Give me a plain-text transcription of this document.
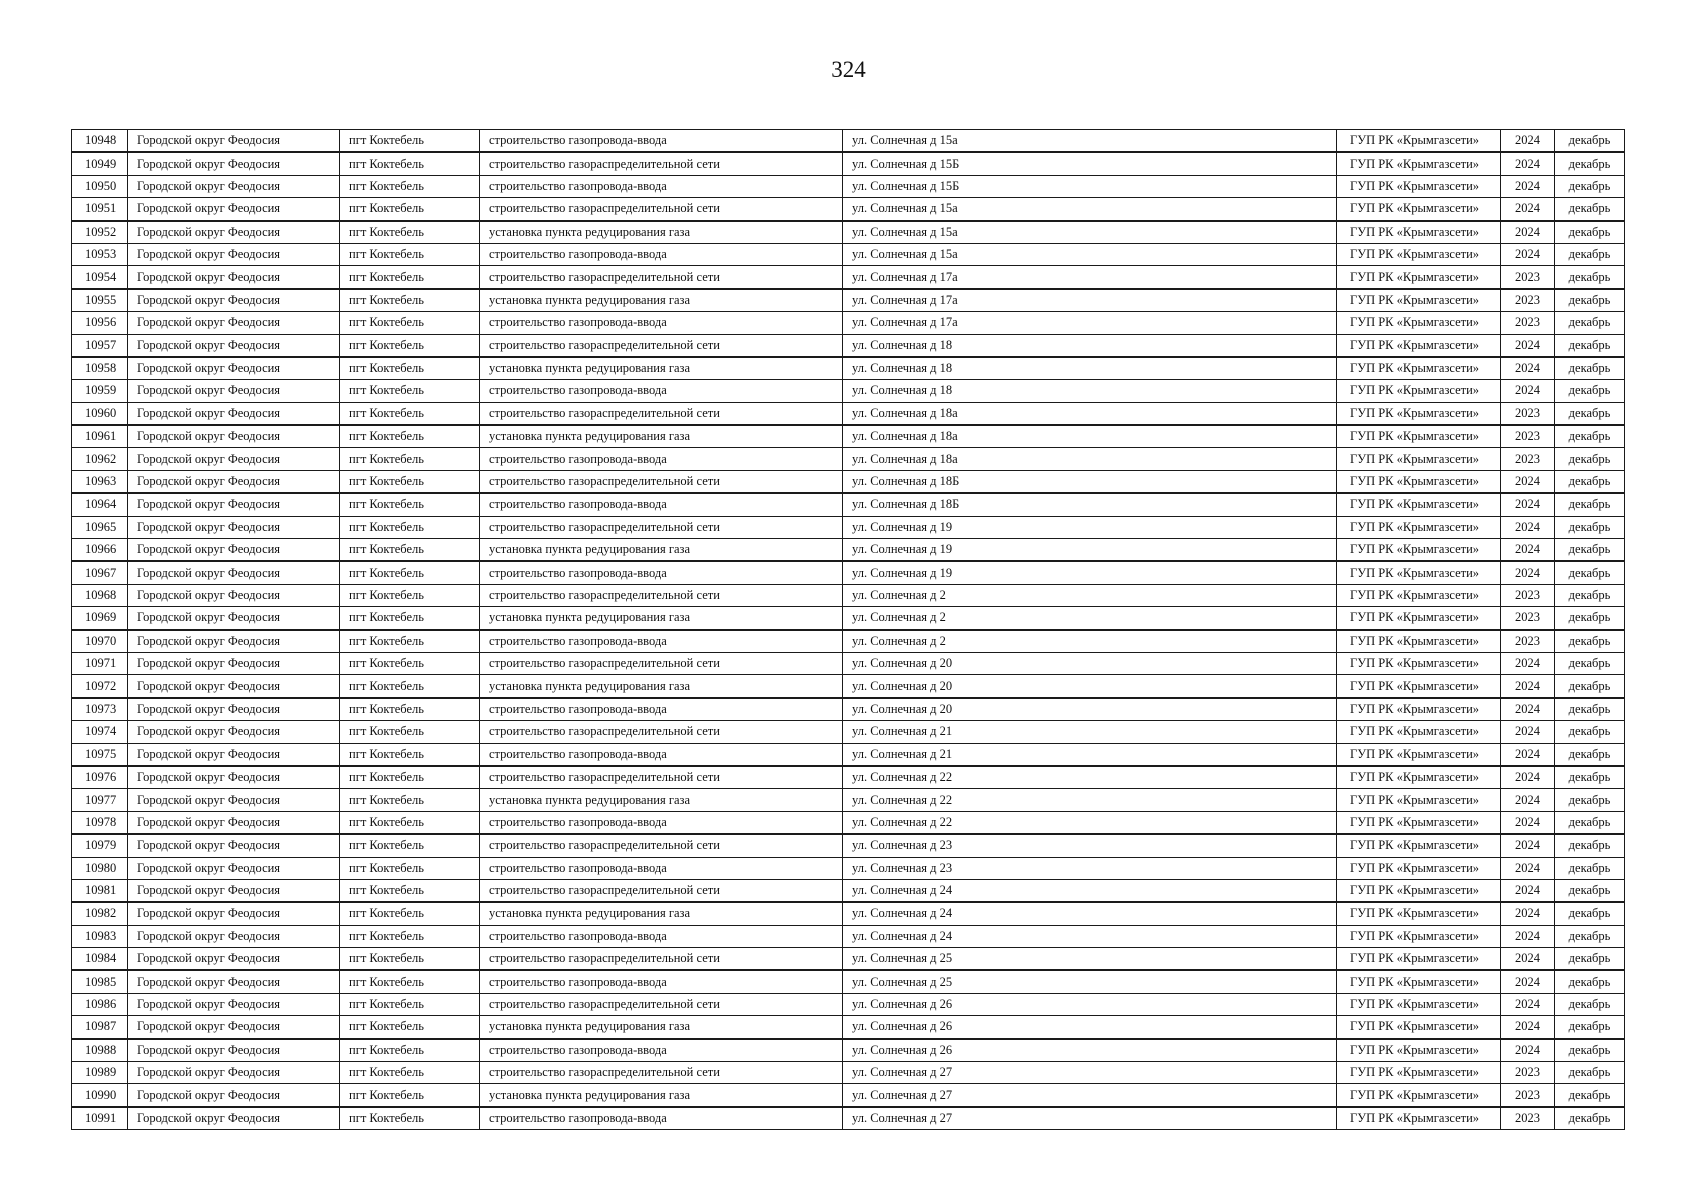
324
10948	Городской округ Феодосия	пгт Коктебель	строительство газопровода-ввода	ул. Солнечная д 15а	ГУП РК «Крымгазсети»	2024	декабрь
10949	Городской округ Феодосия	пгт Коктебель	строительство газораспределительной сети	ул. Солнечная д 15Б	ГУП РК «Крымгазсети»	2024	декабрь
10950	Городской округ Феодосия	пгт Коктебель	строительство газопровода-ввода	ул. Солнечная д 15Б	ГУП РК «Крымгазсети»	2024	декабрь
10951	Городской округ Феодосия	пгт Коктебель	строительство газораспределительной сети	ул. Солнечная д 15а	ГУП РК «Крымгазсети»	2024	декабрь
10952	Городской округ Феодосия	пгт Коктебель	установка пункта редуцирования газа	ул. Солнечная д 15а	ГУП РК «Крымгазсети»	2024	декабрь
10953	Городской округ Феодосия	пгт Коктебель	строительство газопровода-ввода	ул. Солнечная д 15а	ГУП РК «Крымгазсети»	2024	декабрь
10954	Городской округ Феодосия	пгт Коктебель	строительство газораспределительной сети	ул. Солнечная д 17а	ГУП РК «Крымгазсети»	2023	декабрь
10955	Городской округ Феодосия	пгт Коктебель	установка пункта редуцирования газа	ул. Солнечная д 17а	ГУП РК «Крымгазсети»	2023	декабрь
10956	Городской округ Феодосия	пгт Коктебель	строительство газопровода-ввода	ул. Солнечная д 17а	ГУП РК «Крымгазсети»	2023	декабрь
10957	Городской округ Феодосия	пгт Коктебель	строительство газораспределительной сети	ул. Солнечная д 18	ГУП РК «Крымгазсети»	2024	декабрь
10958	Городской округ Феодосия	пгт Коктебель	установка пункта редуцирования газа	ул. Солнечная д 18	ГУП РК «Крымгазсети»	2024	декабрь
10959	Городской округ Феодосия	пгт Коктебель	строительство газопровода-ввода	ул. Солнечная д 18	ГУП РК «Крымгазсети»	2024	декабрь
10960	Городской округ Феодосия	пгт Коктебель	строительство газораспределительной сети	ул. Солнечная д 18а	ГУП РК «Крымгазсети»	2023	декабрь
10961	Городской округ Феодосия	пгт Коктебель	установка пункта редуцирования газа	ул. Солнечная д 18а	ГУП РК «Крымгазсети»	2023	декабрь
10962	Городской округ Феодосия	пгт Коктебель	строительство газопровода-ввода	ул. Солнечная д 18а	ГУП РК «Крымгазсети»	2023	декабрь
10963	Городской округ Феодосия	пгт Коктебель	строительство газораспределительной сети	ул. Солнечная д 18Б	ГУП РК «Крымгазсети»	2024	декабрь
10964	Городской округ Феодосия	пгт Коктебель	строительство газопровода-ввода	ул. Солнечная д 18Б	ГУП РК «Крымгазсети»	2024	декабрь
10965	Городской округ Феодосия	пгт Коктебель	строительство газораспределительной сети	ул. Солнечная д 19	ГУП РК «Крымгазсети»	2024	декабрь
10966	Городской округ Феодосия	пгт Коктебель	установка пункта редуцирования газа	ул. Солнечная д 19	ГУП РК «Крымгазсети»	2024	декабрь
10967	Городской округ Феодосия	пгт Коктебель	строительство газопровода-ввода	ул. Солнечная д 19	ГУП РК «Крымгазсети»	2024	декабрь
10968	Городской округ Феодосия	пгт Коктебель	строительство газораспределительной сети	ул. Солнечная д 2	ГУП РК «Крымгазсети»	2023	декабрь
10969	Городской округ Феодосия	пгт Коктебель	установка пункта редуцирования газа	ул. Солнечная д 2	ГУП РК «Крымгазсети»	2023	декабрь
10970	Городской округ Феодосия	пгт Коктебель	строительство газопровода-ввода	ул. Солнечная д 2	ГУП РК «Крымгазсети»	2023	декабрь
10971	Городской округ Феодосия	пгт Коктебель	строительство газораспределительной сети	ул. Солнечная д 20	ГУП РК «Крымгазсети»	2024	декабрь
10972	Городской округ Феодосия	пгт Коктебель	установка пункта редуцирования газа	ул. Солнечная д 20	ГУП РК «Крымгазсети»	2024	декабрь
10973	Городской округ Феодосия	пгт Коктебель	строительство газопровода-ввода	ул. Солнечная д 20	ГУП РК «Крымгазсети»	2024	декабрь
10974	Городской округ Феодосия	пгт Коктебель	строительство газораспределительной сети	ул. Солнечная д 21	ГУП РК «Крымгазсети»	2024	декабрь
10975	Городской округ Феодосия	пгт Коктебель	строительство газопровода-ввода	ул. Солнечная д 21	ГУП РК «Крымгазсети»	2024	декабрь
10976	Городской округ Феодосия	пгт Коктебель	строительство газораспределительной сети	ул. Солнечная д 22	ГУП РК «Крымгазсети»	2024	декабрь
10977	Городской округ Феодосия	пгт Коктебель	установка пункта редуцирования газа	ул. Солнечная д 22	ГУП РК «Крымгазсети»	2024	декабрь
10978	Городской округ Феодосия	пгт Коктебель	строительство газопровода-ввода	ул. Солнечная д 22	ГУП РК «Крымгазсети»	2024	декабрь
10979	Городской округ Феодосия	пгт Коктебель	строительство газораспределительной сети	ул. Солнечная д 23	ГУП РК «Крымгазсети»	2024	декабрь
10980	Городской округ Феодосия	пгт Коктебель	строительство газопровода-ввода	ул. Солнечная д 23	ГУП РК «Крымгазсети»	2024	декабрь
10981	Городской округ Феодосия	пгт Коктебель	строительство газораспределительной сети	ул. Солнечная д 24	ГУП РК «Крымгазсети»	2024	декабрь
10982	Городской округ Феодосия	пгт Коктебель	установка пункта редуцирования газа	ул. Солнечная д 24	ГУП РК «Крымгазсети»	2024	декабрь
10983	Городской округ Феодосия	пгт Коктебель	строительство газопровода-ввода	ул. Солнечная д 24	ГУП РК «Крымгазсети»	2024	декабрь
10984	Городской округ Феодосия	пгт Коктебель	строительство газораспределительной сети	ул. Солнечная д 25	ГУП РК «Крымгазсети»	2024	декабрь
10985	Городской округ Феодосия	пгт Коктебель	строительство газопровода-ввода	ул. Солнечная д 25	ГУП РК «Крымгазсети»	2024	декабрь
10986	Городской округ Феодосия	пгт Коктебель	строительство газораспределительной сети	ул. Солнечная д 26	ГУП РК «Крымгазсети»	2024	декабрь
10987	Городской округ Феодосия	пгт Коктебель	установка пункта редуцирования газа	ул. Солнечная д 26	ГУП РК «Крымгазсети»	2024	декабрь
10988	Городской округ Феодосия	пгт Коктебель	строительство газопровода-ввода	ул. Солнечная д 26	ГУП РК «Крымгазсети»	2024	декабрь
10989	Городской округ Феодосия	пгт Коктебель	строительство газораспределительной сети	ул. Солнечная д 27	ГУП РК «Крымгазсети»	2023	декабрь
10990	Городской округ Феодосия	пгт Коктебель	установка пункта редуцирования газа	ул. Солнечная д 27	ГУП РК «Крымгазсети»	2023	декабрь
10991	Городской округ Феодосия	пгт Коктебель	строительство газопровода-ввода	ул. Солнечная д 27	ГУП РК «Крымгазсети»	2023	декабрь
